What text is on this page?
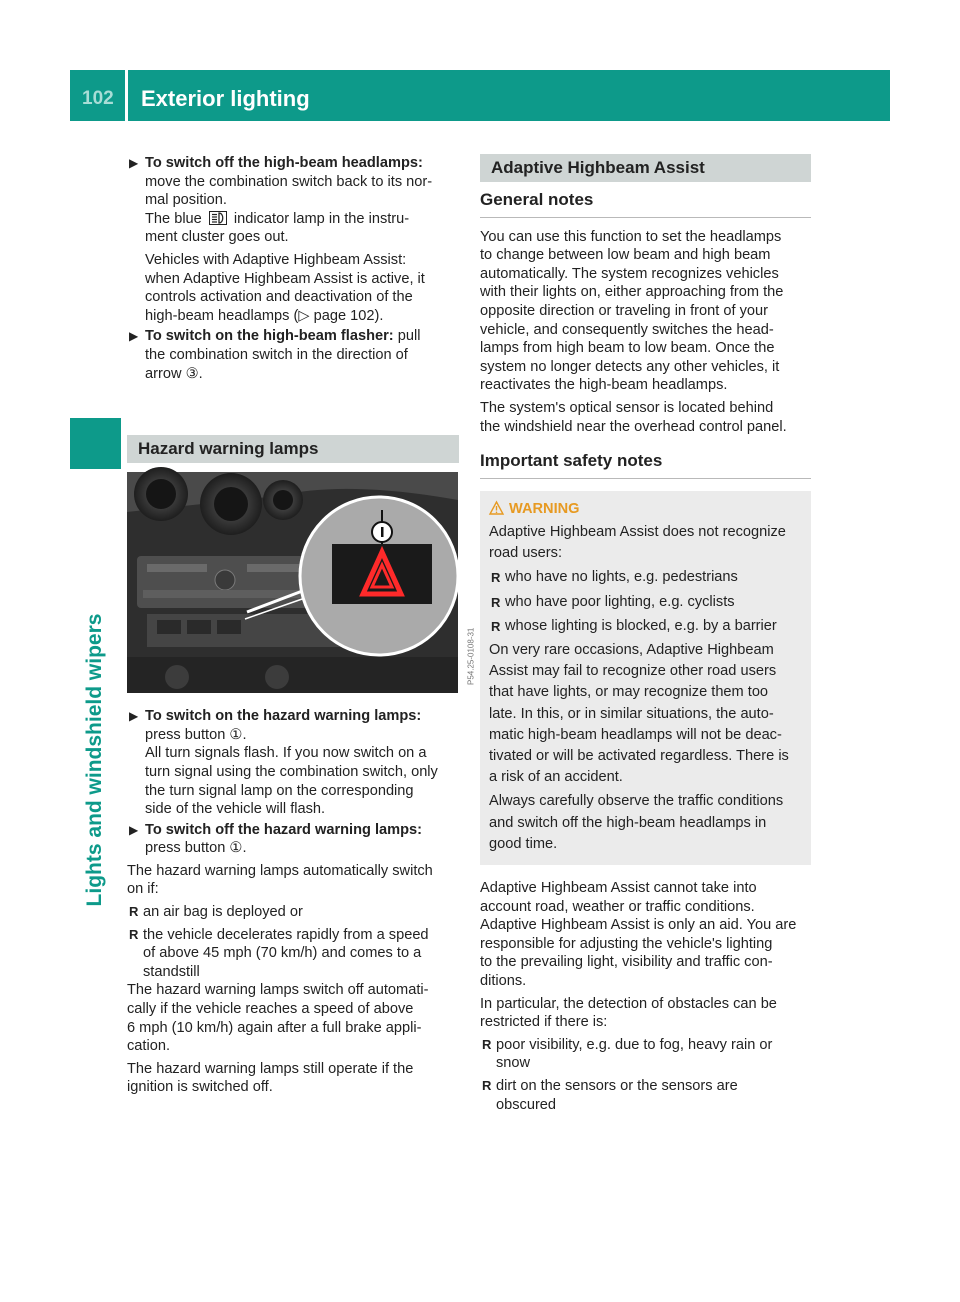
102 Exterior lighting
Lights and windshield wipers
▶ To switch off the high-beam headlamps:
move the combination switch back to its nor-
mal position.
The blue indicator lamp in the instru-
ment cluster goes out.
Vehicles with Adaptive Highbeam Assist:
when Adaptive Highbeam Assist is active, it
controls activation and deactivation of the
high-beam headlamps (▷ page 102).
▶ To switch on the high-beam flasher: pull
the combination switch in the direction of
arrow ③.
Hazard warning lamps
P54.25-0108-31
▶ To switch on the hazard warning lamps:
press button ①.
All turn signals flash. If you now switch on a
turn signal using the combination switch, only
the turn signal lamp on the corresponding
side of the vehicle will flash.
▶ To switch off the hazard warning lamps:
press button ①.
The hazard warning lamps automatically switch
on if:
R an air bag is deployed or
R the vehicle decelerates rapidly from a speed
of above 45 mph (70 km/h) and comes to a
standstill
The hazard warning lamps switch off automati-
cally if the vehicle reaches a speed of above
6 mph (10 km/h) again after a full brake appli-
cation.
The hazard warning lamps still operate if the
ignition is switched off.
Adaptive Highbeam Assist
General notes
You can use this function to set the headlamps
to change between low beam and high beam
automatically. The system recognizes vehicles
with their lights on, either approaching from the
opposite direction or traveling in front of your
vehicle, and consequently switches the head-
lamps from high beam to low beam. Once the
system no longer detects any other vehicles, it
reactivates the high-beam headlamps.
The system's optical sensor is located behind
the windshield near the overhead control panel.
Important safety notes
WARNING
Adaptive Highbeam Assist does not recognize
road users:
R who have no lights, e.g. pedestrians
R who have poor lighting, e.g. cyclists
R whose lighting is blocked, e.g. by a barrier
On very rare occasions, Adaptive Highbeam
Assist may fail to recognize other road users
that have lights, or may recognize them too
late. In this, or in similar situations, the auto-
matic high-beam headlamps will not be deac-
tivated or will be activated regardless. There is
a risk of an accident.
Always carefully observe the traffic conditions
and switch off the high-beam headlamps in
good time.
Adaptive Highbeam Assist cannot take into
account road, weather or traffic conditions.
Adaptive Highbeam Assist is only an aid. You are
responsible for adjusting the vehicle's lighting
to the prevailing light, visibility and traffic con-
ditions.
In particular, the detection of obstacles can be
restricted if there is:
R poor visibility, e.g. due to fog, heavy rain or
snow
R dirt on the sensors or the sensors are
obscured
